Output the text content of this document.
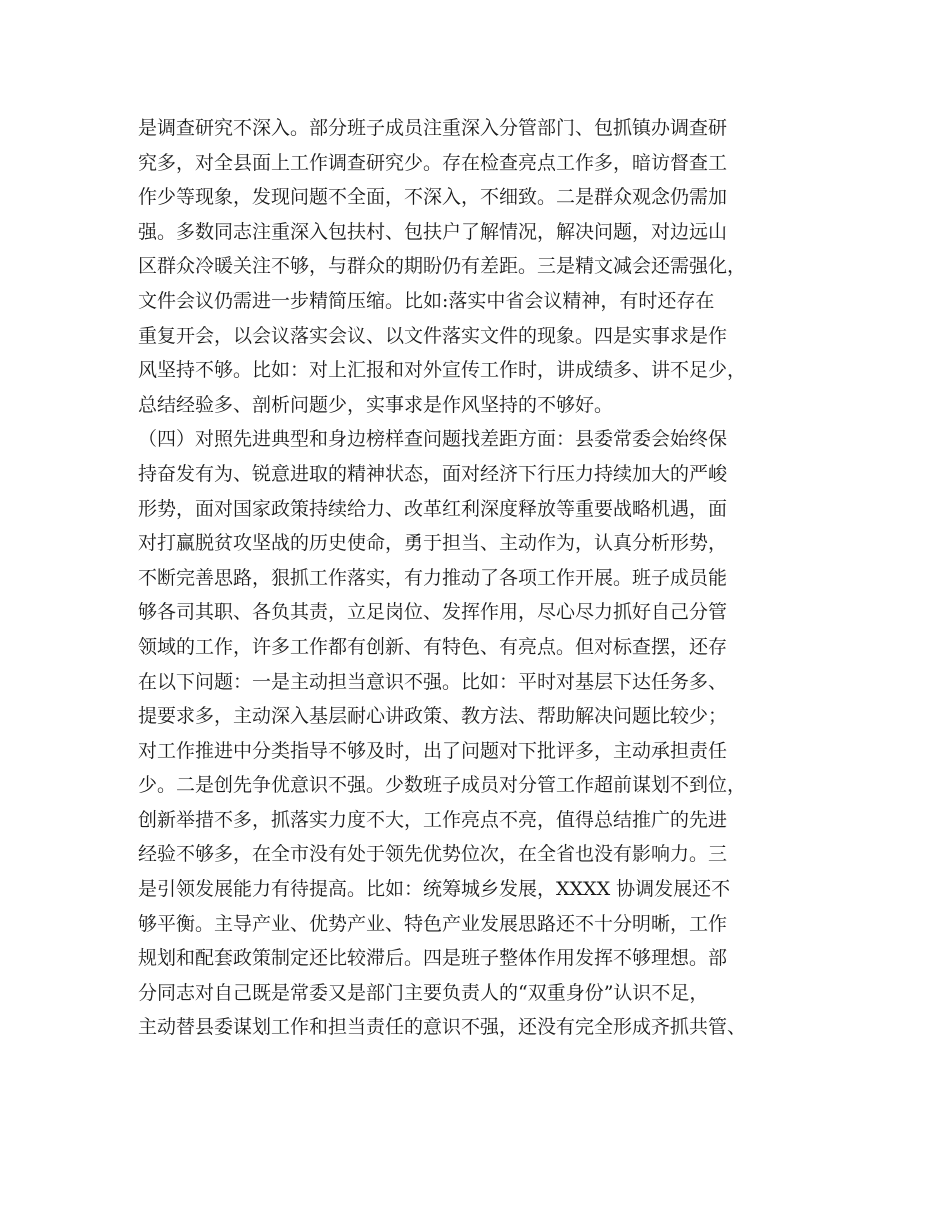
是调查研究不深入。部分班子成员注重深入分管部门、包抓镇办调查研
究多，对全县面上工作调查研究少。存在检查亮点工作多，暗访督查工
作少等现象，发现问题不全面，不深入，不细致。二是群众观念仍需加
强。多数同志注重深入包扶村、包扶户了解情况，解决问题，对边远山
区群众冷暖关注不够，与群众的期盼仍有差距。三是精文减会还需强化，
文件会议仍需进一步精简压缩。比如:落实中省会议精神，有时还存在
重复开会，以会议落实会议、以文件落实文件的现象。四是实事求是作
风坚持不够。比如：对上汇报和对外宣传工作时，讲成绩多、讲不足少，
总结经验多、剖析问题少，实事求是作风坚持的不够好。
（四）对照先进典型和身边榜样查问题找差距方面：县委常委会始终保
持奋发有为、锐意进取的精神状态，面对经济下行压力持续加大的严峻
形势，面对国家政策持续给力、改革红利深度释放等重要战略机遇，面
对打赢脱贫攻坚战的历史使命，勇于担当、主动作为，认真分析形势，
不断完善思路，狠抓工作落实，有力推动了各项工作开展。班子成员能
够各司其职、各负其责，立足岗位、发挥作用，尽心尽力抓好自己分管
领域的工作，许多工作都有创新、有特色、有亮点。但对标查摆，还存
在以下问题：一是主动担当意识不强。比如：平时对基层下达任务多、
提要求多，主动深入基层耐心讲政策、教方法、帮助解决问题比较少；
对工作推进中分类指导不够及时，出了问题对下批评多，主动承担责任
少。二是创先争优意识不强。少数班子成员对分管工作超前谋划不到位，
创新举措不多，抓落实力度不大，工作亮点不亮，值得总结推广的先进
经验不够多，在全市没有处于领先优势位次，在全省也没有影响力。三
是引领发展能力有待提高。比如：统筹城乡发展，XXXX 协调发展还不
够平衡。主导产业、优势产业、特色产业发展思路还不十分明晰，工作
规划和配套政策制定还比较滞后。四是班子整体作用发挥不够理想。部
分同志对自己既是常委又是部门主要负责人的“双重身份”认识不足，
主动替县委谋划工作和担当责任的意识不强，还没有完全形成齐抓共管、
